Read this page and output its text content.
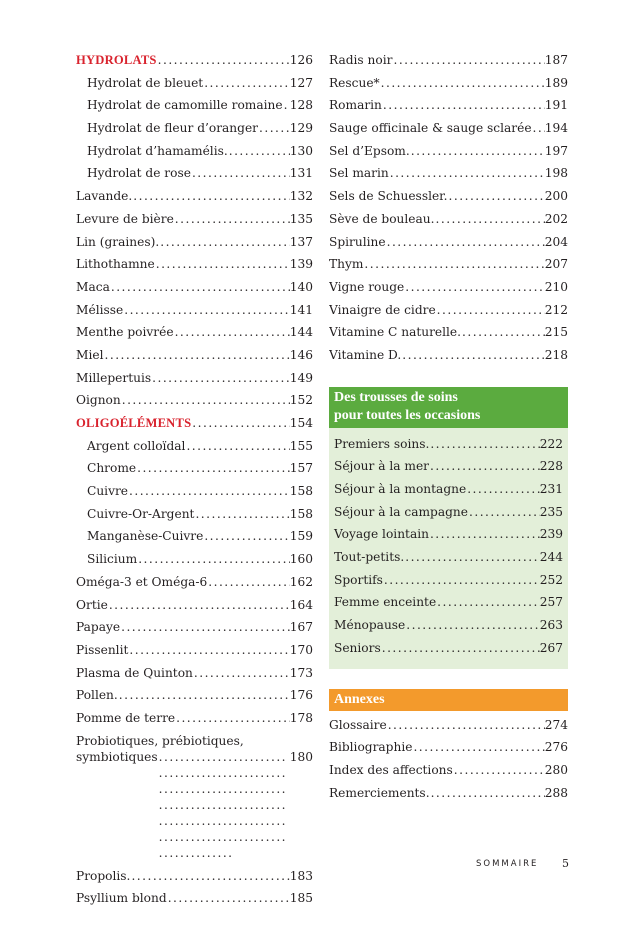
HYDROLATS . . .	126
Hydrolat de bleuet . . .	127
Hydrolat de camomille romaine . . . 128
Hydrolat de fleur d’oranger . . .	129
Hydrolat d’hamamélis. . . .	130
Hydrolat de rose . . .	131
Lavande. . . .	132
Levure de bière . . .	135
Lin (graines). . . .	137
Lithothamne . . .	139
Maca . . .	140
Mélisse . . .	141
Menthe poivrée . . .	144
Miel . . .	146
Millepertuis . . .	149
Oignon . . .	152
OLIGOÉLÉMENTS . . .	154
Argent colloïdal . . .	155
Chrome . . .	157
Cuivre . . .	158
Cuivre-Or-Argent . . .	158
Manganèse-Cuivre . . .	159
Silicium . . .	160
Oméga-3 et Oméga-6 . . .	162
Ortie . . .	164
Papaye . . .	167
Pissenlit . . .	170
Plasma de Quinton . . .	173
Pollen. . . .	176
Pomme de terre . . .	178
Probiotiques, prébiotiques,
symbiotiques . . .	180
Propolis. . . .	183
Psyllium blond . . .	185
Radis noir . . .	187
Rescue* . . .	189
Romarin . . .	191
Sauge officinale & sauge sclarée . . . 194
Sel d’Epsom. . . .	197
Sel marin . . .	198
Sels de Schuessler. . . .	200
Sève de bouleau. . . .	202
Spiruline . . .	204
Thym . . .	207
Vigne rouge . . .	210
Vinaigre de cidre . . .	212
Vitamine C naturelle. . . .	215
Vitamine D. . . .	218
Des trousses de soins
pour toutes les occasions
Premiers soins. . . .	222
Séjour à la mer . . .	228
Séjour à la montagne . . .	231
Séjour à la campagne . . .	235
Voyage lointain . . .	239
Tout-petits. . . .	244
Sportifs . . .	252
Femme enceinte . . .	257
Ménopause . . .	263
Seniors . . .	267
Annexes
Glossaire . . .	274
Bibliographie . . .	276
Index des affections . . .	280
Remerciements. . . .	288
SOMMAIRE 5
